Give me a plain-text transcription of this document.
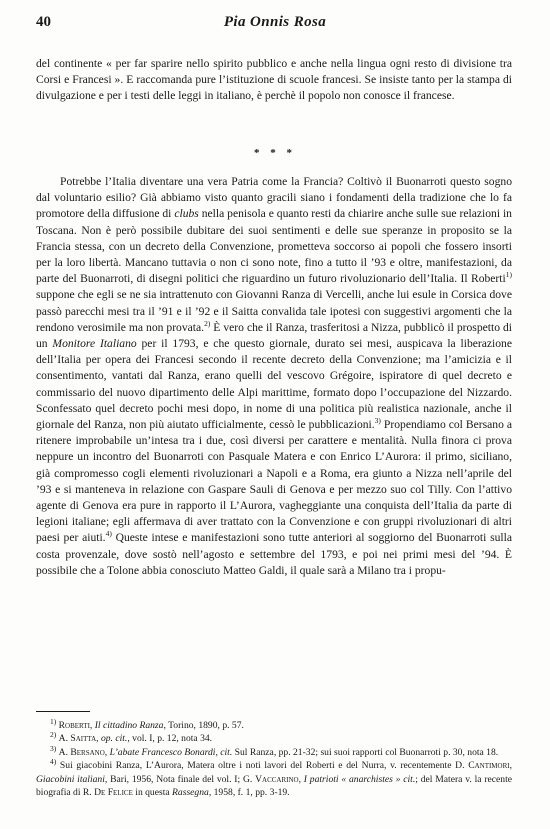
40	Pia Onnis Rosa

del continente « per far sparire nello spirito pubblico e anche nella lingua ogni resto di divisione tra Corsi e Francesi ». E raccomanda pure l’istituzione di scuole francesi. Se insiste tanto per la stampa di divulgazione e per i testi delle leggi in italiano, è perchè il popolo non conosce il francese.

* * *

Potrebbe l’Italia diventare una vera Patria come la Francia? Coltivò il Buonarroti questo sogno dal voluntario esilio? Già abbiamo visto quanto gracili siano i fondamenti della tradizione che lo fa promotore della diffusione di clubs nella penisola e quanto resti da chiarire anche sulle sue relazioni in Toscana. Non è però possibile dubitare dei suoi sentimenti e delle sue speranze in proposito se la Francia stessa, con un decreto della Convenzione, prometteva soccorso ai popoli che fossero insorti per la loro libertà. Mancano tuttavia o non ci sono note, fino a tutto il ’93 e oltre, manifestazioni, da parte del Buonarroti, di disegni politici che riguardino un futuro rivoluzionario dell’Italia. Il Roberti$^{1)}$ suppone che egli se ne sia intrattenuto con Giovanni Ranza di Vercelli, anche lui esule in Corsica dove passò parecchi mesi tra il ’91 e il ’92 e il Saitta convalida tale ipotesi con suggestivi argomenti che la rendono verosimile ma non provata.$^{2)}$ È vero che il Ranza, trasferitosi a Nizza, pubblicò il prospetto di un Monitore Italiano per il 1793, e che questo giornale, durato sei mesi, auspicava la liberazione dell’Italia per opera dei Francesi secondo il recente decreto della Convenzione; ma l’amicizia e il consentimento, vantati dal Ranza, erano quelli del vescovo Grégoire, ispiratore di quel decreto e commissario del nuovo dipartimento delle Alpi marittime, formato dopo l’occupazione del Nizzardo. Sconfessato quel decreto pochi mesi dopo, in nome di una politica più realistica nazionale, anche il giornale del Ranza, non più aiutato ufficialmente, cessò le pubblicazioni.$^{3)}$ Propendiamo col Bersano a ritenere improbabile un’intesa tra i due, così diversi per carattere e mentalità. Nulla finora ci prova neppure un incontro del Buonarroti con Pasquale Matera e con Enrico L’Aurora: il primo, siciliano, già compromesso cogli elementi rivoluzionari a Napoli e a Roma, era giunto a Nizza nell’aprile del ’93 e si manteneva in relazione con Gaspare Sauli di Genova e per mezzo suo col Tilly. Con l’attivo agente di Genova era pure in rapporto il L’Aurora, vagheggiante una conquista dell’Italia da parte di legioni italiane; egli affermava di aver trattato con la Convenzione e con gruppi rivoluzionari di altri paesi per aiuti.$^{4)}$ Queste intese e manifestazioni sono tutte anteriori al soggiorno del Buonarroti sulla costa provenzale, dove sostò nell’agosto e settembre del 1793, e poi nei primi mesi del ’94. È possibile che a Tolone abbia conosciuto Matteo Galdi, il quale sarà a Milano tra i propu-

$^{1)}$ Roberti, Il cittadino Ranza, Torino, 1890, p. 57.

$^{2)}$ A. Saitta, op. cit., vol. I, p. 12, nota 34.

$^{3)}$ A. Bersano, L’abate Francesco Bonardi, cit. Sul Ranza, pp. 21-32; sui suoi rapporti col Buonarroti p. 30, nota 18.

$^{4)}$ Sui giacobini Ranza, L’Aurora, Matera oltre i noti lavori del Roberti e del Nurra, v. recentemente D. Cantimori, Giacobini italiani, Bari, 1956, Nota finale del vol. I; G. Vaccarino, I patrioti « anarchistes » cit.; del Matera v. la recente biografia di R. De Felice in questa Rassegna, 1958, f. 1, pp. 3-19.
